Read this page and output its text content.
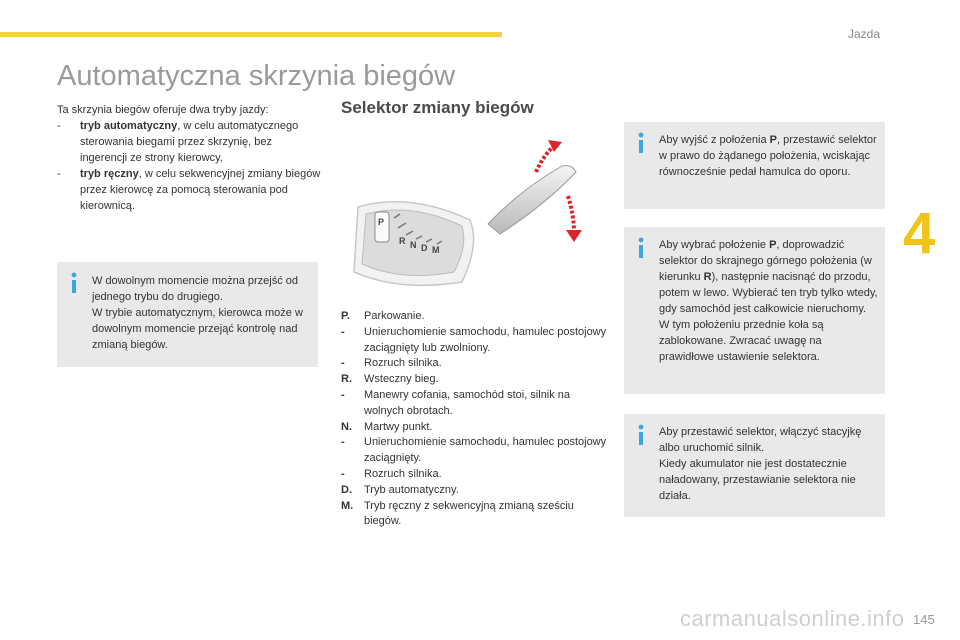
Jazda
4
Automatyczna skrzynia biegów

Ta skrzynia biegów oferuje dwa tryby jazdy:

- tryb automatyczny, w celu automatycznego sterowania biegami przez skrzynię, bez ingerencji ze strony kierowcy,
- tryb ręczny, w celu sekwencyjnej zmiany biegów przez kierowcę za pomocą sterowania pod kierownicą.

W dowolnym momencie można przejść od jednego trybu do drugiego.

W trybie automatycznym, kierowca może w dowolnym momencie przejąć kontrolę nad zmianą biegów.

Selektor zmiany biegów
P
R N D M
P. Parkowanie.
- Unieruchomienie samochodu, hamulec postojowy zaciągnięty lub zwolniony.
- Rozruch silnika.
R. Wsteczny bieg.
- Manewry cofania, samochód stoi, silnik na wolnych obrotach.
N. Martwy punkt.
- Unieruchomienie samochodu, hamulec postojowy zaciągnięty.
- Rozruch silnika.
D. Tryb automatyczny.
M. Tryb ręczny z sekwencyjną zmianą sześciu biegów.

Aby wyjść z położenia P, przestawić selektor w prawo do żądanego położenia, wciskając równocześnie pedał hamulca do oporu.

Aby wybrać położenie P, doprowadzić selektor do skrajnego górnego położenia (w kierunku R), następnie nacisnąć do przodu, potem w lewo. Wybierać ten tryb tylko wtedy, gdy samochód jest całkowicie nieruchomy. W tym położeniu przednie koła są zablokowane. Zwracać uwagę na prawidłowe ustawienie selektora.

Aby przestawić selektor, włączyć stacyjkę albo uruchomić silnik.
Kiedy akumulator nie jest dostatecznie naładowany, przestawianie selektora nie działa.

carmanualsonline.info 145
